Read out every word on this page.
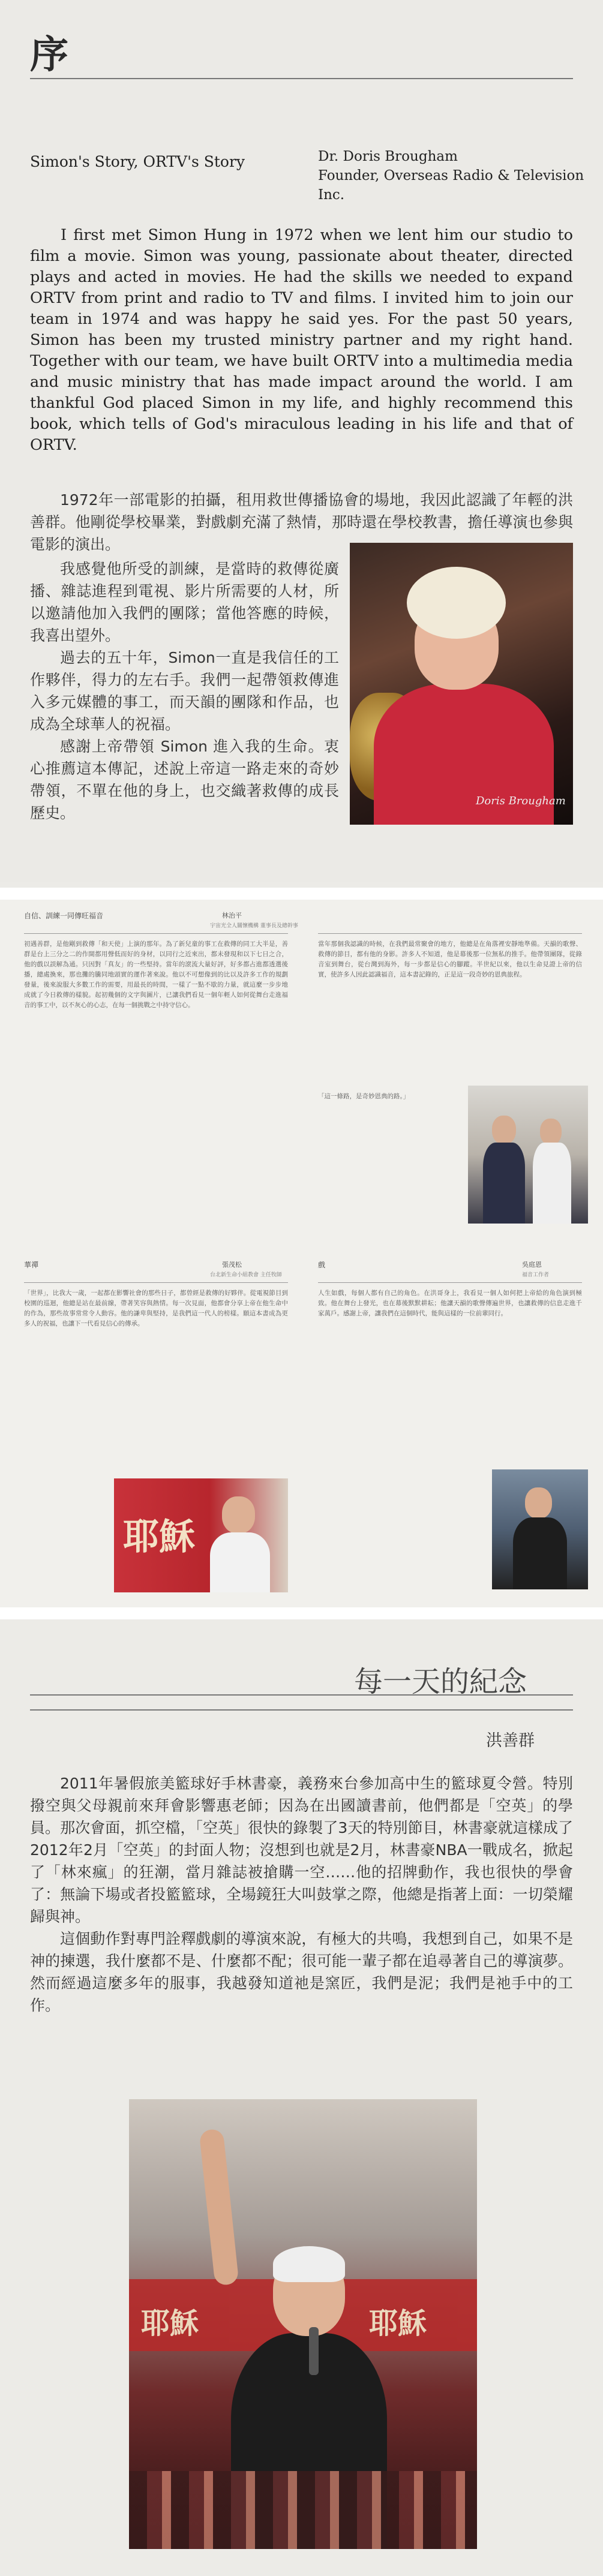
序
Simon's Story, ORTV's Story	Dr. Doris Brougham
Founder, Overseas Radio & Television Inc.
I first met Simon Hung in 1972 when we lent him our studio to film a movie. Simon was young, passionate about theater, directed plays and acted in movies. He had the skills we needed to expand ORTV from print and radio to TV and films. I invited him to join our team in 1974 and was happy he said yes. For the past 50 years, Simon has been my trusted ministry partner and my right hand. Together with our team, we have built ORTV into a multimedia media and music ministry that has made impact around the world. I am thankful God placed Simon in my life, and highly recommend this book, which tells of God's miraculous leading in his life and that of ORTV.

1972年一部電影的拍攝，租用救世傳播協會的場地，我因此認識了年輕的洪善群。他剛從學校畢業，對戲劇充滿了熱情，那時還在學校教書，擔任導演也參與電影的演出。

我感覺他所受的訓練，是當時的救傳從廣播、雜誌進程到電視、影片所需要的人材，所以邀請他加入我們的團隊；當他答應的時候，我喜出望外。

過去的五十年，Simon一直是我信任的工作夥伴，得力的左右手。我們一起帶領救傳進入多元媒體的事工，而天韻的團隊和作品，也成為全球華人的祝福。

感謝上帝帶領 Simon 進入我的生命。衷心推薦這本傳記，述說上帝這一路走來的奇妙帶領，不單在他的身上，也交織著救傳的成長歷史。

Doris Brougham
自信、訓練一同傳旺福音	林治平
宇宙光全人關懷機構 董事長及總幹事
初遇善群，是他剛到救傳「和天使」上演的那年。為了新兒童的事工在救傳的同工大半是，善群是台上三分之二的作開都用聲低而好的身材，以同行之近來出，都未發現和以下七日之合，他的戲以誤解為通。只因對「真友」的一些堅持。當年的滾流大量好評，好多都占進都透選後播，總處換來，那也攤的騰同地頭實的運作著來說。他以不可想像到的比以及許多工作的規劃發量，後來說服大多數工作的需要，用最長的時間，一樣了一點不歇的力量，就這麼一步步地成就了今日救傳的樣貌。起初幾個的文字與圖片，已讓我們看見一個年輕人如何從舞台走進福音的事工中，以不灰心的心志，在每一個挑戰之中持守信心。
當年那個我認識的時候，在我們最常聚會的地方，他總是在角落裡安靜地準備。天韻的歌聲、救傳的節目，都有他的身影。許多人不知道，他是幕後那一位無私的推手。他帶領團隊，從錄音室到舞台，從台灣到海外，每一步都是信心的腳蹤。半世紀以來，他以生命見證上帝的信實，使許多人因此認識福音，這本書記錄的，正是這一段奇妙的恩典旅程。
「這一條路，是奇妙恩典的路。」
華禪	張茂松
台北新生命小組教會 主任牧師
「世界」，比我大一歲，一起都在影響社會的那些日子，都曾經是救傳的好夥伴。從電視節目到校園的巡迴，他總是站在最前線，帶著笑容與熱情。每一次見面，他都會分享上帝在他生命中的作為，那些故事常常令人動容。他的謙卑與堅持，是我們這一代人的榜樣。願這本書成為更多人的祝福，也讓下一代看見信心的傳承。
耶穌
戲	吳庭恩
福音工作者
人生如戲，每個人都有自己的角色。在洪哥身上，我看見一個人如何把上帝給的角色演到極致。他在舞台上發光，也在幕後默默耕耘；他讓天韻的歌聲傳遍世界，也讓救傳的信息走進千家萬戶。感謝上帝，讓我們在這個時代，能與這樣的一位前輩同行。
每一天的紀念
洪善群

2011年暑假旅美籃球好手林書豪，義務來台參加高中生的籃球夏令營。特別撥空與父母親前來拜會影響惠老師；因為在出國讀書前，他們都是「空英」的學員。那次會面，抓空檔，「空英」很快的錄製了3天的特別節目，林書豪就這樣成了2012年2月「空英」的封面人物；沒想到也就是2月，林書豪NBA一戰成名，掀起了「林來瘋」的狂潮，當月雜誌被搶購一空……他的招牌動作，我也很快的學會了：無論下場或者投籃籃球，全場鏡狂大叫鼓掌之際，他總是指著上面：一切榮耀歸與神。

這個動作對專門詮釋戲劇的導演來說，有極大的共鳴，我想到自己，如果不是神的揀選，我什麼都不是、什麼都不配；很可能一輩子都在追尋著自己的導演夢。然而經過這麼多年的服事，我越發知道祂是窯匠，我們是泥；我們是祂手中的工作。

耶穌	耶穌
